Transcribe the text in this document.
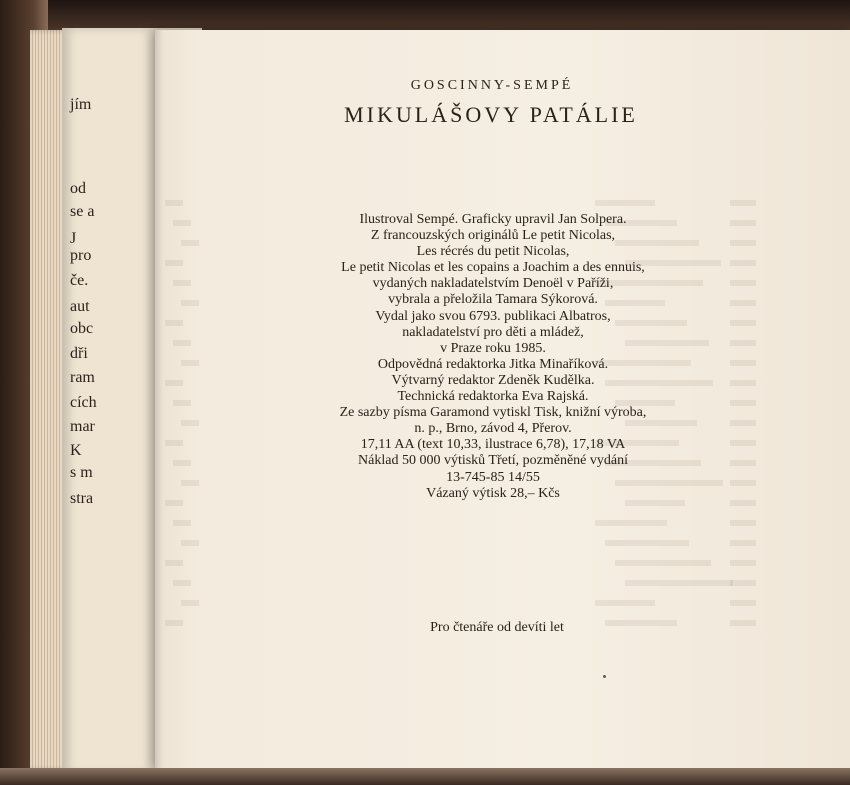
jím
od
se a
J
pro
če.
aut
obc
dři
ram
cích
mar
K
s m
stra
GOSCINNY-SEMPÉ
MIKULÁŠOVY PATÁLIE
Ilustroval Sempé. Graficky upravil Jan Solpera.
Z francouzských originálů Le petit Nicolas,
Les récrés du petit Nicolas,
Le petit Nicolas et les copains a Joachim a des ennuis,
vydaných nakladatelstvím Denoël v Paříži,
vybrala a přeložila Tamara Sýkorová.
Vydal jako svou 6793. publikaci Albatros,
nakladatelství pro děti a mládež,
v Praze roku 1985.
Odpovědná redaktorka Jitka Minaříková.
Výtvarný redaktor Zdeněk Kudělka.
Technická redaktorka Eva Rajská.
Ze sazby písma Garamond vytiskl Tisk, knižní výroba,
n. p., Brno, závod 4, Přerov.
17,11 AA (text 10,33, ilustrace 6,78), 17,18 VA
Náklad 50 000 výtisků Třetí, pozměněné vydání
13-745-85 14/55
Vázaný výtisk 28,– Kčs
Pro čtenáře od devíti let
